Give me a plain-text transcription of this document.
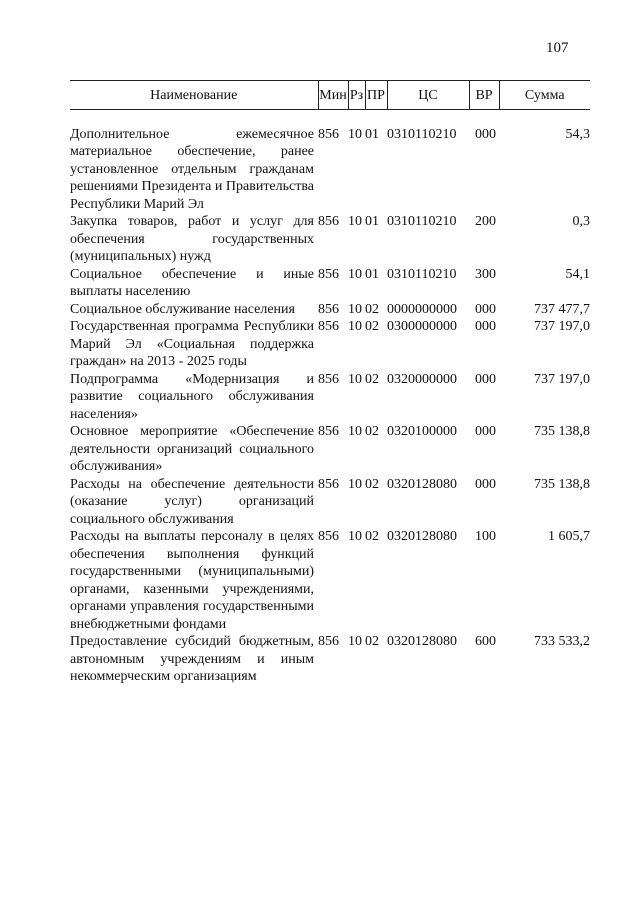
107
Наименование	Мин	Рз	ПР	ЦС	ВР	Сумма

Дополнительное ежемесячное материальное обеспечение, ранее установленное отдельным гражданам решениями Президента и Правительства Республики Марий Эл	856	10	01	0310110210	000	54,3
Закупка товаров, работ и услуг для обеспечения государственных (муниципальных) нужд	856	10	01	0310110210	200	0,3
Социальное обеспечение и иные выплаты населению	856	10	01	0310110210	300	54,1
Социальное обслуживание населения	856	10	02	0000000000	000	737 477,7
Государственная программа Республики Марий Эл «Социальная поддержка граждан» на 2013 - 2025 годы	856	10	02	0300000000	000	737 197,0
Подпрограмма «Модернизация и развитие социального обслуживания населения»	856	10	02	0320000000	000	737 197,0
Основное мероприятие «Обеспечение деятельности организаций социального обслуживания»	856	10	02	0320100000	000	735 138,8
Расходы на обеспечение деятельности (оказание услуг) организаций социального обслуживания	856	10	02	0320128080	000	735 138,8
Расходы на выплаты персоналу в целях обеспечения выполнения функций государственными (муниципальными) органами, казенными учреждениями, органами управления государственными внебюджетными фондами	856	10	02	0320128080	100	1 605,7
Предоставление субсидий бюджетным, автономным учреждениям и иным некоммерческим организациям	856	10	02	0320128080	600	733 533,2
